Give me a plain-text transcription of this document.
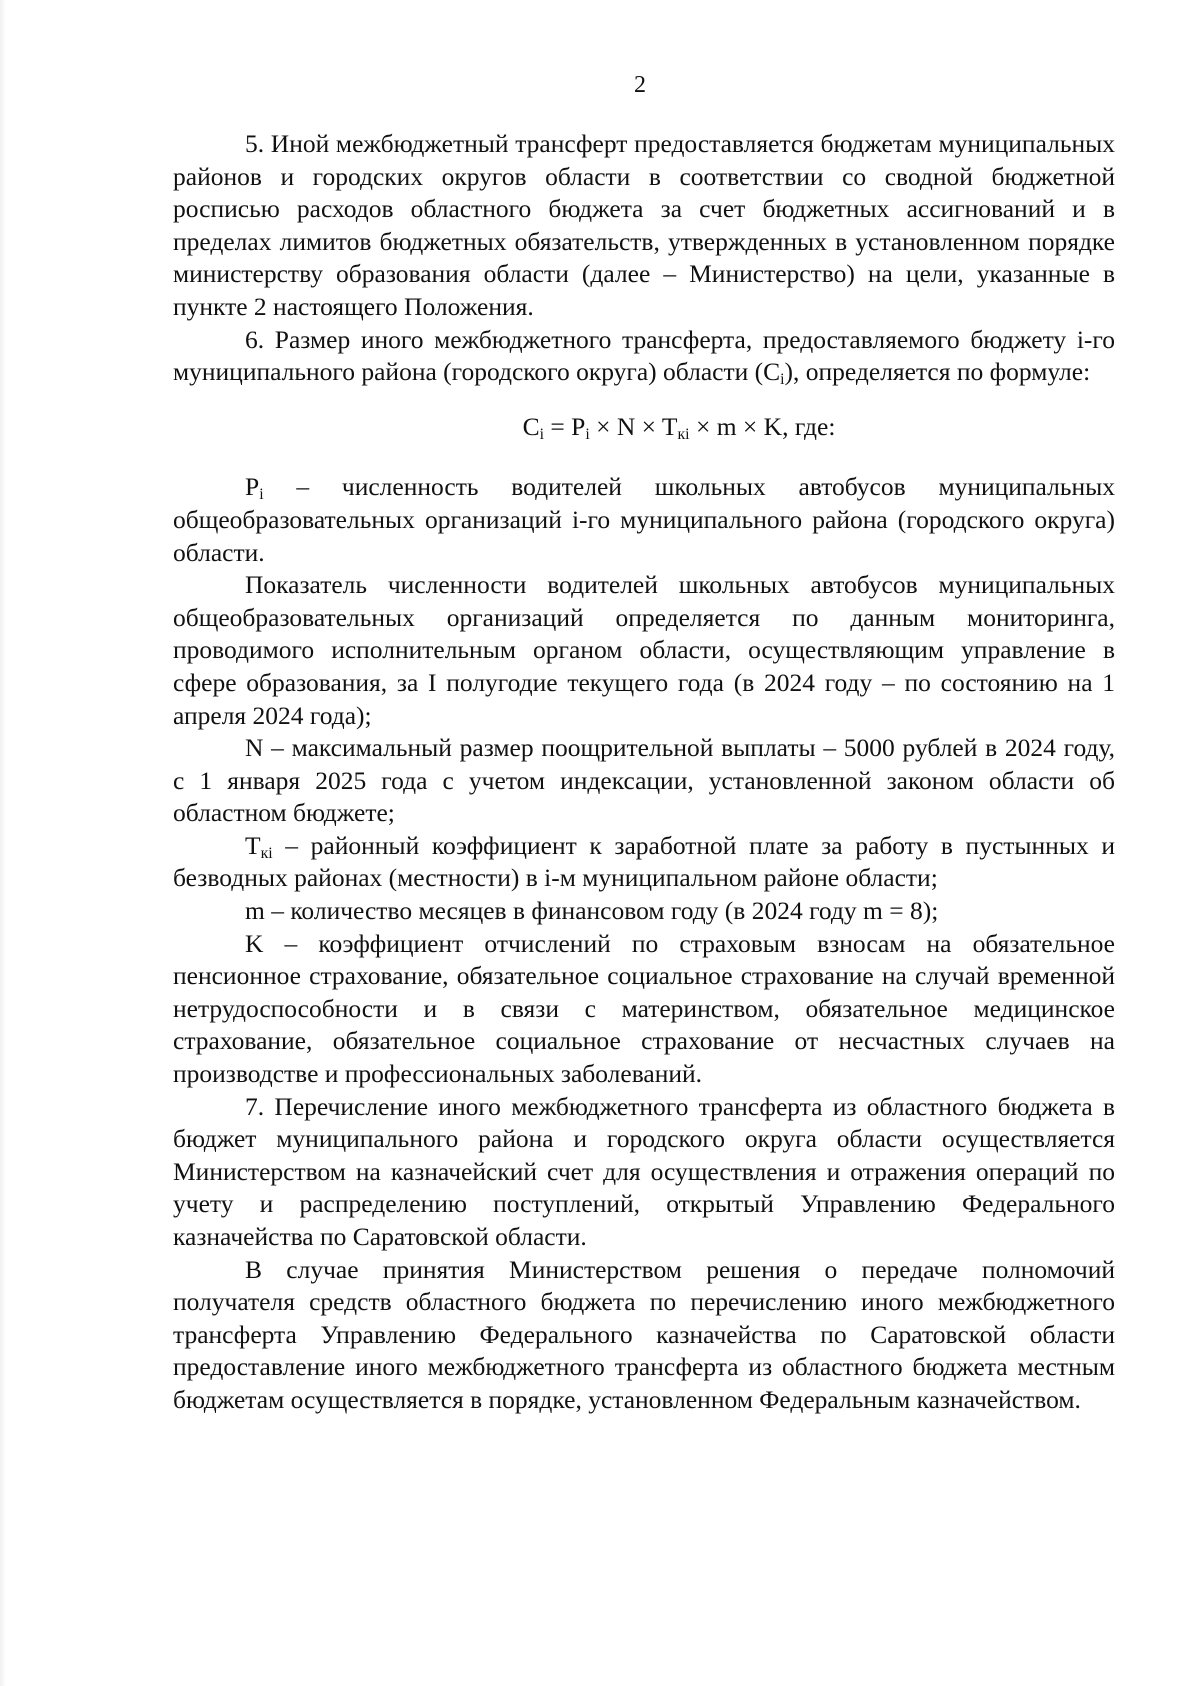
2

5. Иной межбюджетный трансферт предоставляется бюджетам муниципальных районов и городских округов области в соответствии со сводной бюджетной росписью расходов областного бюджета за счет бюджетных ассигнований и в пределах лимитов бюджетных обязательств, утвержденных в установленном порядке министерству образования области (далее – Министерство) на цели, указанные в пункте 2 настоящего Положения.

6. Размер иного межбюджетного трансферта, предоставляемого бюджету i-го муниципального района (городского округа) области $(C_i)$, определяется по формуле:

$C_i = P_i \times N \times T_{кi} \times m \times K$, где:

$P_i$ – численность водителей школьных автобусов муниципальных общеобразовательных организаций i-го муниципального района (городского округа) области.

Показатель численности водителей школьных автобусов муниципальных общеобразовательных организаций определяется по данным мониторинга, проводимого исполнительным органом области, осуществляющим управление в сфере образования, за I полугодие текущего года (в 2024 году – по состоянию на 1 апреля 2024 года);

N – максимальный размер поощрительной выплаты – 5000 рублей в 2024 году, с 1 января 2025 года с учетом индексации, установленной законом области об областном бюджете;

$T_{кi}$ – районный коэффициент к заработной плате за работу в пустынных и безводных районах (местности) в i-м муниципальном районе области;

m – количество месяцев в финансовом году (в 2024 году m = 8);

K – коэффициент отчислений по страховым взносам на обязательное пенсионное страхование, обязательное социальное страхование на случай временной нетрудоспособности и в связи с материнством, обязательное медицинское страхование, обязательное социальное страхование от несчастных случаев на производстве и профессиональных заболеваний.

7. Перечисление иного межбюджетного трансферта из областного бюджета в бюджет муниципального района и городского округа области осуществляется Министерством на казначейский счет для осуществления и отражения операций по учету и распределению поступлений, открытый Управлению Федерального казначейства по Саратовской области.

В случае принятия Министерством решения о передаче полномочий получателя средств областного бюджета по перечислению иного межбюджетного трансферта Управлению Федерального казначейства по Саратовской области предоставление иного межбюджетного трансферта из областного бюджета местным бюджетам осуществляется в порядке, установленном Федеральным казначейством.
